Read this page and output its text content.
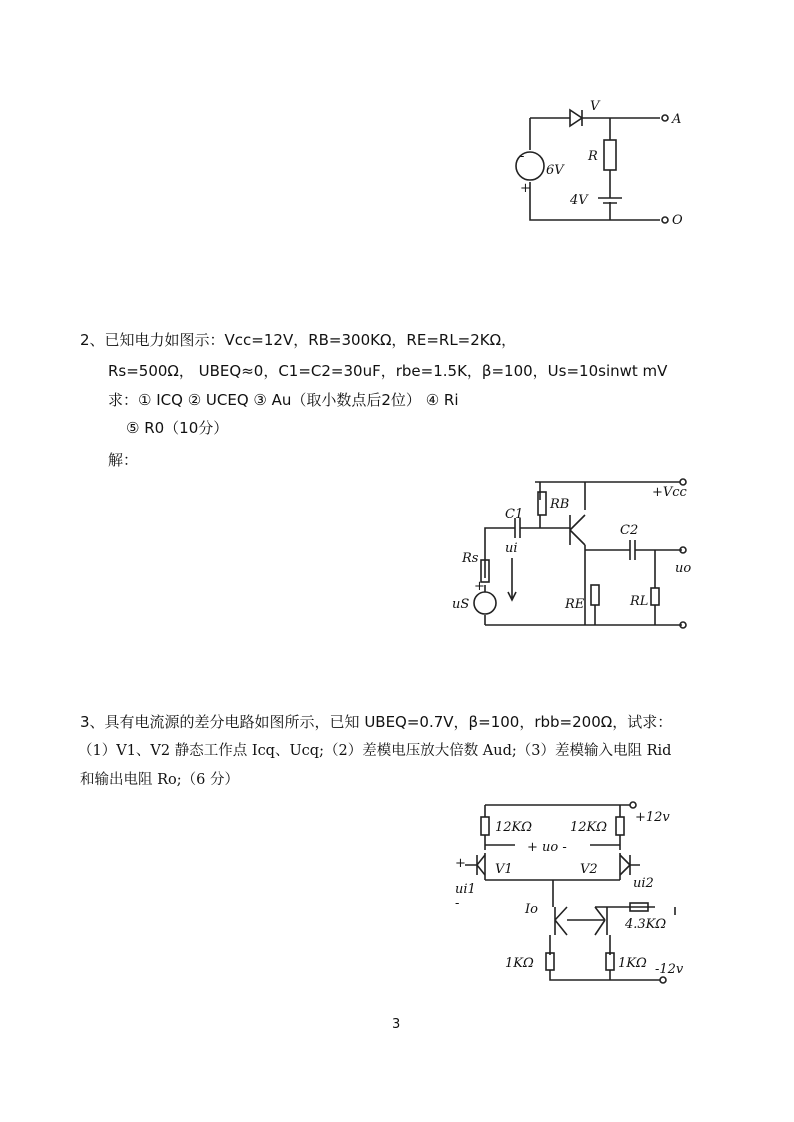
V
A
O
R
6V
4V
-
+
2、已知电力如图示：Vcc=12V，RB=300KΩ，RE=RL=2KΩ，
Rs=500Ω， UBEQ≈0，C1=C2=30uF，rbe=1.5K，β=100，Us=10sinwt mV
求：① ICQ ② UCEQ ③ Au（取小数点后2位） ④ Ri
⑤ R0（10分）
解：
RB
+Vcc
C1
C2
Rs
ui
RE	RL
uo
uS
+
3、具有电流源的差分电路如图所示，已知 UBEQ=0.7V，β=100，rbb=200Ω，试求：
（1）V1、V2 静态工作点 Icq、Ucq;（2）差模电压放大倍数 Aud;（3）差模输入电阻 Rid
和输出电阻 Ro;（6 分）
12KΩ	12KΩ
+12v
+ uo -
V1	V2
ui1	ui2
Io
4.3KΩ
1KΩ	1KΩ -12v
+
-
3
